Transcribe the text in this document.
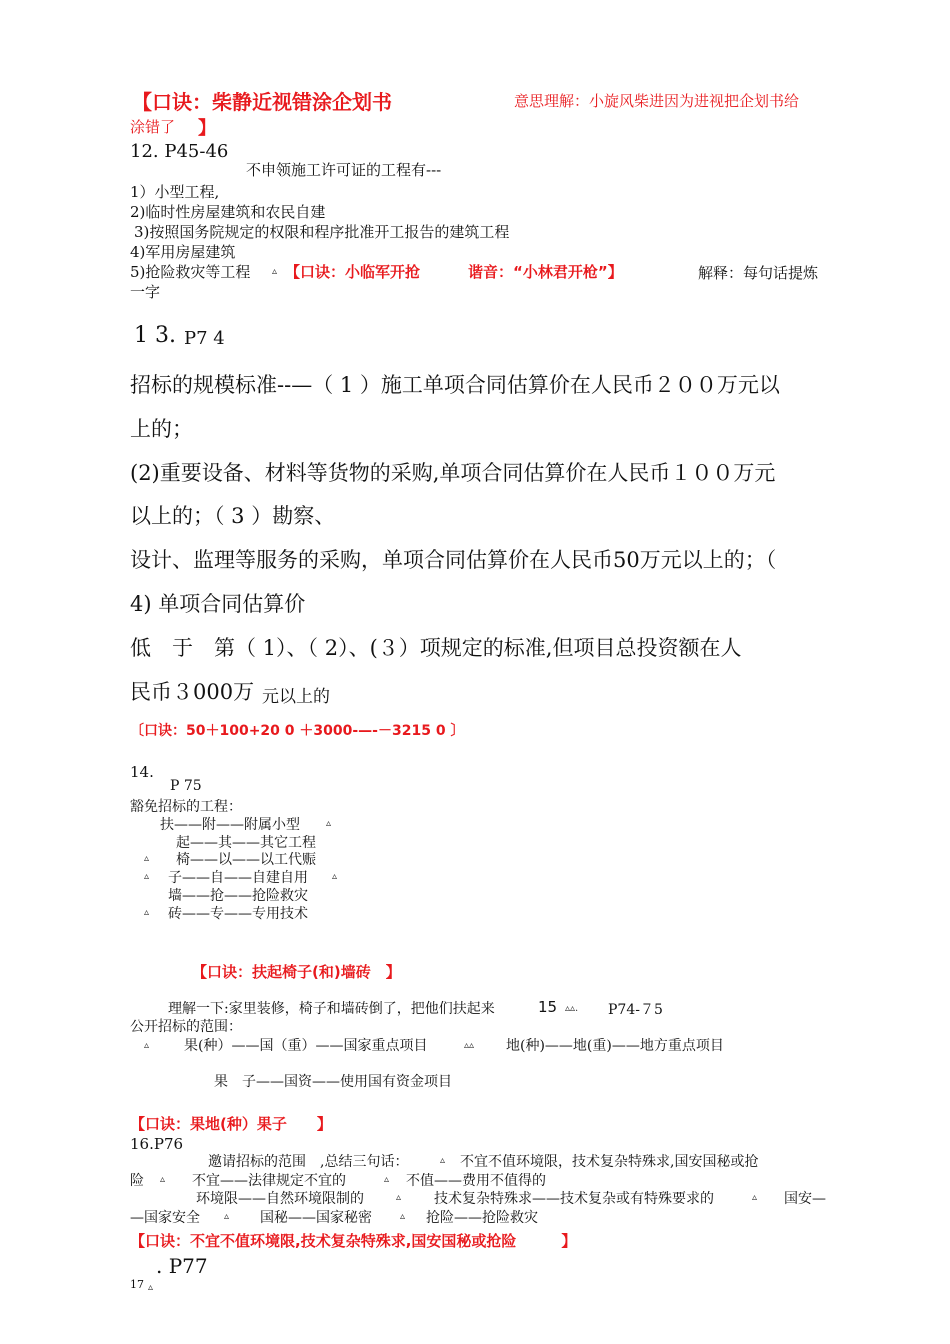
【口诀：柴静近视错涂企划书	意思理解：小旋风柴进因为进视把企划书给
涂错了 】
12. P45-46
不申领施工许可证的工程有---
1）小型工程,
2)临时性房屋建筑和农民自建
3)按照国务院规定的权限和程序批准开工报告的建筑工程
4)军用房屋建筑
5)抢险救灾等工程 ▵ 【口诀：小临军开抢	谐音：“小林君开枪”】	解释：每句话提炼
一字
1 3. P7 4
招标的规模标准--—（ 1 ）施工单项合同估算价在人民币２００万元以
上的；
(2)重要设备、材料等货物的采购,单项合同估算价在人民币１００万元
以上的；（ 3 ）勘察、
设计、监理等服务的采购，单项合同估算价在人民币50万元以上的；（
4) 单项合同估算价
低　于　第（ 1）、（ 2）、(３）项规定的标准,但项目总投资额在人
民币３000万 元以上的
〔口诀：50＋100+20 0 ＋3000-—-－3215 0 〕
14.
P 75
豁免招标的工程：
扶——附——附属小型	▵
起——其——其它工程
▵ 椅——以——以工代赈
▵ 子——自——自建自用 ▵
墙——抢——抢险救灾
▵ 砖——专——专用技术
【口诀：扶起椅子(和)墙砖　】
理解一下:家里装修，椅子和墙砖倒了，把他们扶起来	15 ▵▵. P74-７5
公开招标的范围：
▵ 果(种）——国（重）——国家重点项目	▵▵ 地(种)——地(重)——地方重点项目
果　子——国资——使用国有资金项目
【口诀：果地(种）果子　　】
16.P76
邀请招标的范围　,总结三句话：	▵ 不宜不值环境限，技术复杂特殊求,国安国秘或抢
险 ▵ 不宜——法律规定不宜的	▵ 不值——费用不值得的
环境限——自然环境限制的	▵ 技术复杂特殊求——技术复杂或有特殊要求的	▵ 国安—
—国家安全 ▵ 国秘——国家秘密	▵ 抢险——抢险救灾
【口诀：不宜不值环境限,技术复杂特殊求,国安国秘或抢险　　　】
17 ▵
. P77
